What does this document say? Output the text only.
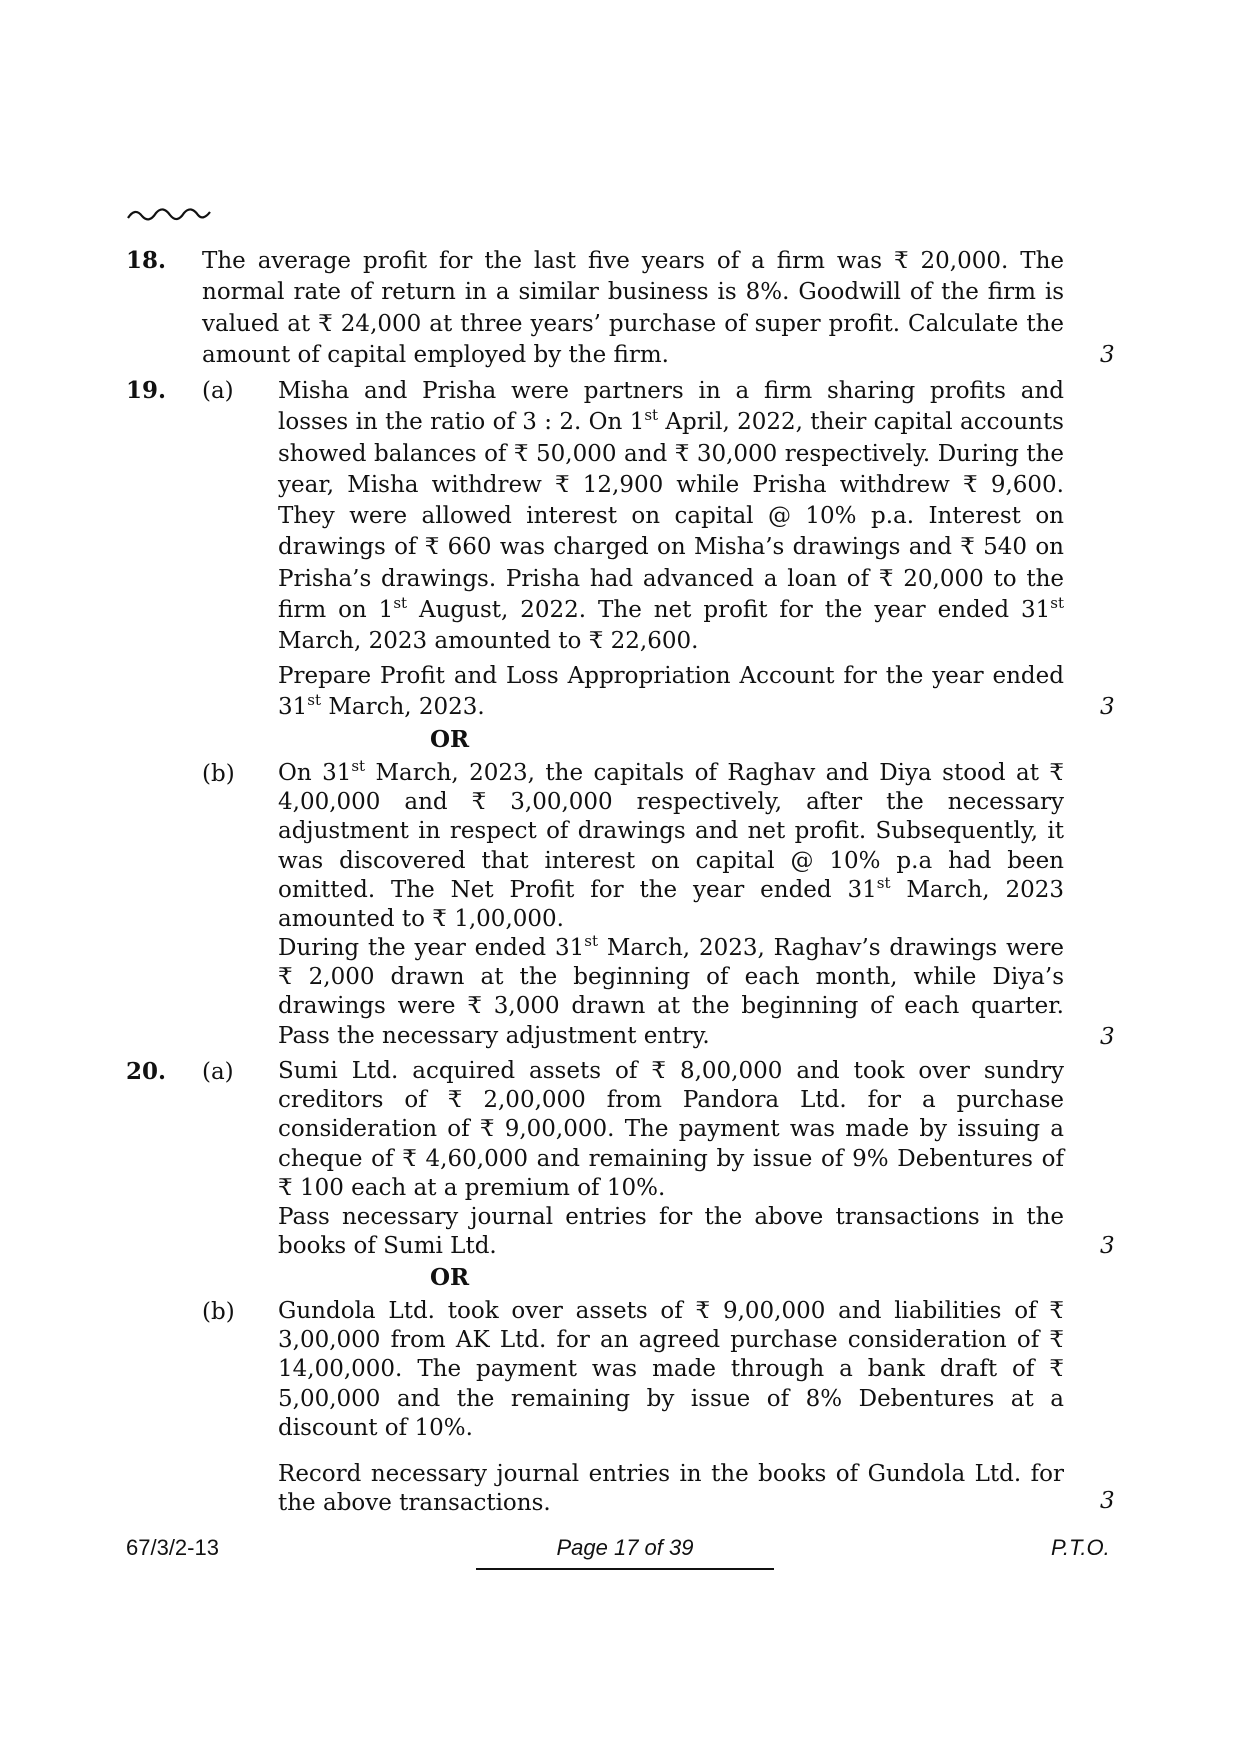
18. The average profit for the last five years of a firm was ₹ 20,000. The normal rate of return in a similar business is 8%. Goodwill of the firm is valued at ₹ 24,000 at three years’ purchase of super profit. Calculate the amount of capital employed by the firm.	3
19. (a) Misha and Prisha were partners in a firm sharing profits and losses in the ratio of 3 : 2. On 1st April, 2022, their capital accounts showed balances of ₹ 50,000 and ₹ 30,000 respectively. During the year, Misha withdrew ₹ 12,900 while Prisha withdrew ₹ 9,600. They were allowed interest on capital @ 10% p.a. Interest on drawings of ₹ 660 was charged on Misha’s drawings and ₹ 540 on Prisha’s drawings. Prisha had advanced a loan of ₹ 20,000 to the firm on 1st August, 2022. The net profit for the year ended 31st March, 2023 amounted to ₹ 22,600.
Prepare Profit and Loss Appropriation Account for the year ended 31st March, 2023.	3
OR
(b) On 31st March, 2023, the capitals of Raghav and Diya stood at ₹ 4,00,000 and ₹ 3,00,000 respectively, after the necessary adjustment in respect of drawings and net profit. Subsequently, it was discovered that interest on capital @ 10% p.a had been omitted. The Net Profit for the year ended 31st March, 2023 amounted to ₹ 1,00,000.
During the year ended 31st March, 2023, Raghav’s drawings were ₹ 2,000 drawn at the beginning of each month, while Diya’s drawings were ₹ 3,000 drawn at the beginning of each quarter. Pass the necessary adjustment entry.	3
20. (a) Sumi Ltd. acquired assets of ₹ 8,00,000 and took over sundry creditors of ₹ 2,00,000 from Pandora Ltd. for a purchase consideration of ₹ 9,00,000. The payment was made by issuing a cheque of ₹ 4,60,000 and remaining by issue of 9% Debentures of ₹ 100 each at a premium of 10%.
Pass necessary journal entries for the above transactions in the books of Sumi Ltd.	3
OR
(b) Gundola Ltd. took over assets of ₹ 9,00,000 and liabilities of ₹ 3,00,000 from AK Ltd. for an agreed purchase consideration of ₹ 14,00,000. The payment was made through a bank draft of ₹ 5,00,000 and the remaining by issue of 8% Debentures at a discount of 10%.
Record necessary journal entries in the books of Gundola Ltd. for the above transactions.	3
67/3/2-13	Page 17 of 39	P.T.O.
